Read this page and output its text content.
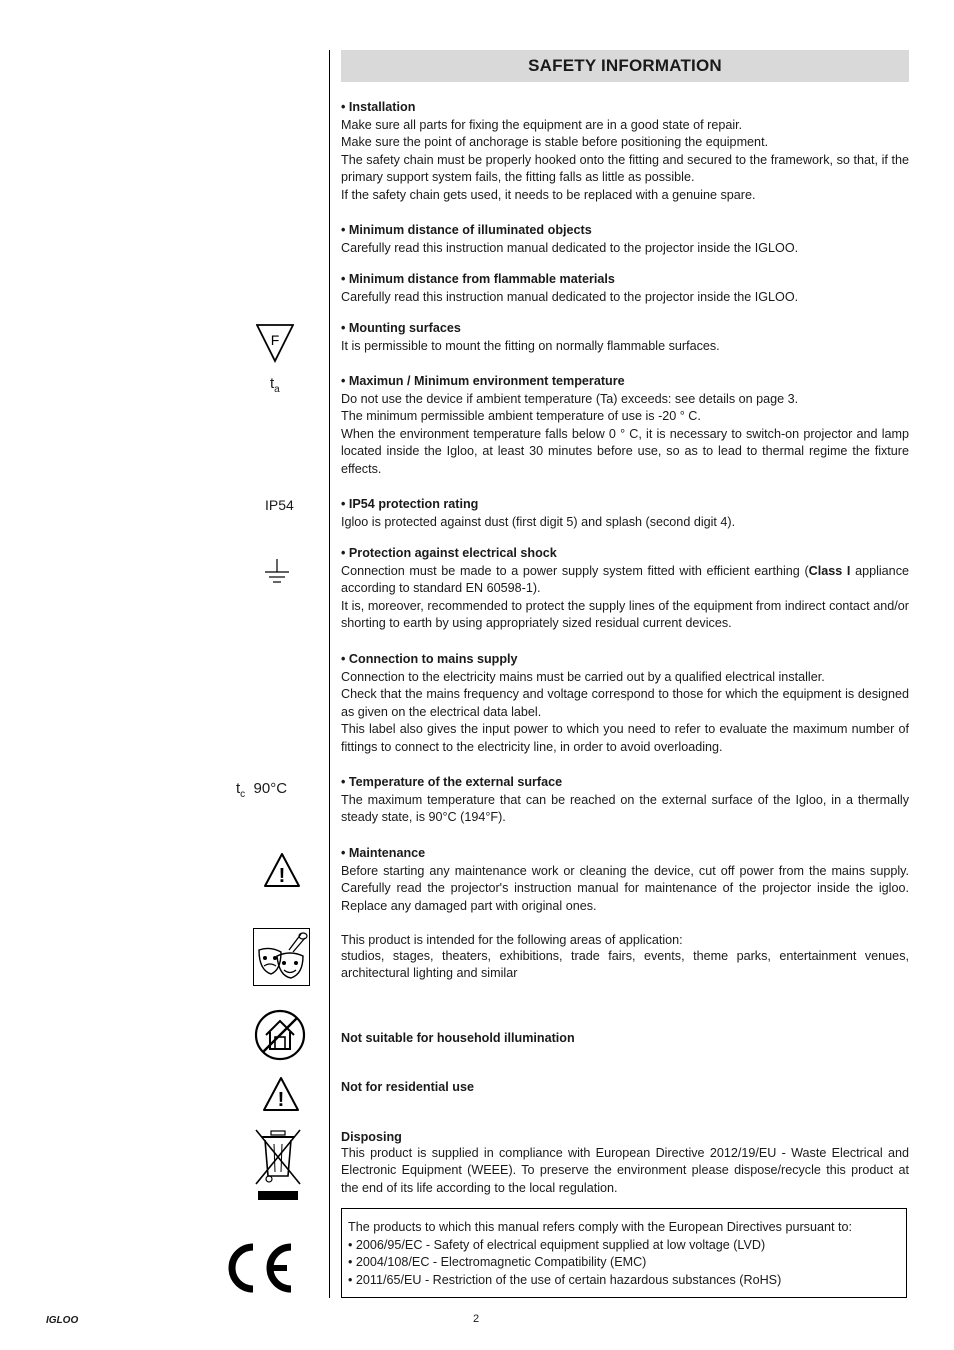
SAFETY INFORMATION

• Installation

Make sure all parts for fixing the equipment are in a good state of repair.

Make sure the point of anchorage is stable before positioning the equipment.

The safety chain must be properly hooked onto the fitting and secured to the framework, so that, if the primary support system fails, the fitting falls as little as possible.

If the safety chain gets used, it needs to be replaced with a genuine spare.

• Minimum distance of illuminated objects

Carefully read this instruction manual dedicated to the projector inside the IGLOO.

• Minimum distance from flammable materials

Carefully read this instruction manual dedicated to the projector inside the IGLOO.

F

• Mounting surfaces

It is permissible to mount the fitting on normally flammable surfaces.

$t_a$

• Maximun / Minimum environment temperature

Do not use the device if ambient temperature (Ta) exceeds: see details on page 3.

The minimum permissible ambient temperature of use is -20 ° C.

When the environment temperature falls below 0 ° C, it is necessary to switch-on projector and lamp located inside the Igloo, at least 30 minutes before use, so as to lead to thermal regime the fixture effects.

IP54	• IP54 protection rating

Igloo is protected against dust (first digit 5) and splash (second digit 4).

• Protection against electrical shock

Connection must be made to a power supply system fitted with efficient earthing (Class I appliance according to standard EN 60598-1).

It is, moreover, recommended to protect the supply lines of the equipment from indirect contact and/or shorting to earth by using appropriately sized residual current devices.

• Connection to mains supply

Connection to the electricity mains must be carried out by a qualified electrical installer.

Check that the mains frequency and voltage correspond to those for which the equipment is designed as given on the electrical data label.

This label also gives the input power to which you need to refer to evaluate the maximum number of fittings to connect to the electricity line, in order to avoid overloading.

$t_c$ 90°C	• Temperature of the external surface

The maximum temperature that can be reached on the external surface of the Igloo, in a thermally steady state, is 90°C (194°F).

!

• Maintenance

Before starting any maintenance work or cleaning the device, cut off power from the mains supply. Carefully read the projector's instruction manual for maintenance of the projector inside the igloo. Replace any damaged part with original ones.

This product is intended for the following areas of application:

studios, stages, theaters, exhibitions, trade fairs, events, theme parks, entertainment venues, architectural lighting and similar

Not suitable for household illumination

!

Not for residential use

Disposing

This product is supplied in compliance with European Directive 2012/19/EU - Waste Electrical and Electronic Equipment (WEEE). To preserve the environment please dispose/recycle this product at the end of its life according to the local regulation.

The products to which this manual refers comply with the European Directives pursuant to:

• 2006/95/EC - Safety of electrical equipment supplied at low voltage (LVD)

• 2004/108/EC - Electromagnetic Compatibility (EMC)

• 2011/65/EU - Restriction of the use of certain hazardous substances (RoHS)

IGLOO	2
